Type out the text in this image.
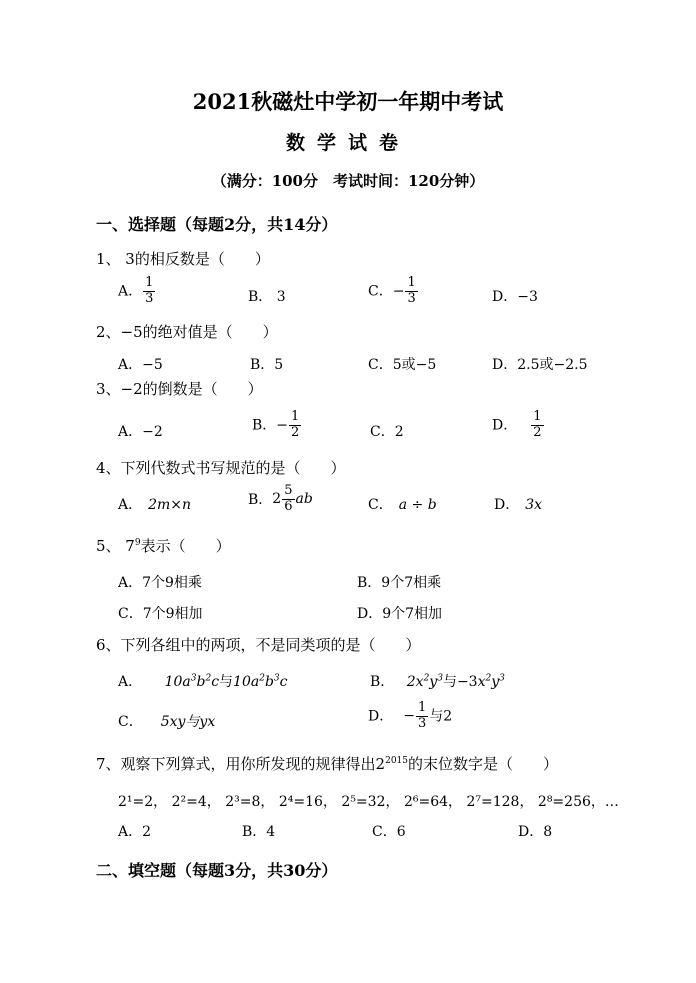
2021秋磁灶中学初一年期中考试
数学试卷
（满分：100分　考试时间：120分钟）
一、选择题（每题2分，共14分）
1、 3的相反数是（　　）
A． $\frac{1}{3}$	B． 3	C．− $\frac{1}{3}$	D．−3
2、−5的绝对值是（　　）
A．−5	B．5	C．5或−5	D．2.5或−2.5
3、−2的倒数是（　　）
A．−2	B．− $\frac{1}{2}$	C．2	D． $\frac{1}{2}$
4、下列代数式书写规范的是（　　）
A． 2m×n	B． $2 \frac{5}{6}$ ab	C． a ÷ b	D． 3x
5、 $7^9$表示（　　）
A．7个9相乘	B．9个7相乘
C．7个9相加	D．9个7相加
6、下列各组中的两项，不是同类项的是（　　）
A． $10a^3b^2c$与$10a^2b^3c$	B． $2x^2y^3$与$-3x^2y^3$
C． 5xy与yx	D． − $\frac{1}{3}$ 与2
7、观察下列算式，用你所发现的规律得出$2^{2015}$的末位数字是（　　）
2¹=2， 2²=4， 2³=8， 2⁴=16， 2⁵=32， 2⁶=64， 2⁷=128， 2⁸=256，…
A．2	B．4	C．6	D．8
二、填空题（每题3分，共30分）
